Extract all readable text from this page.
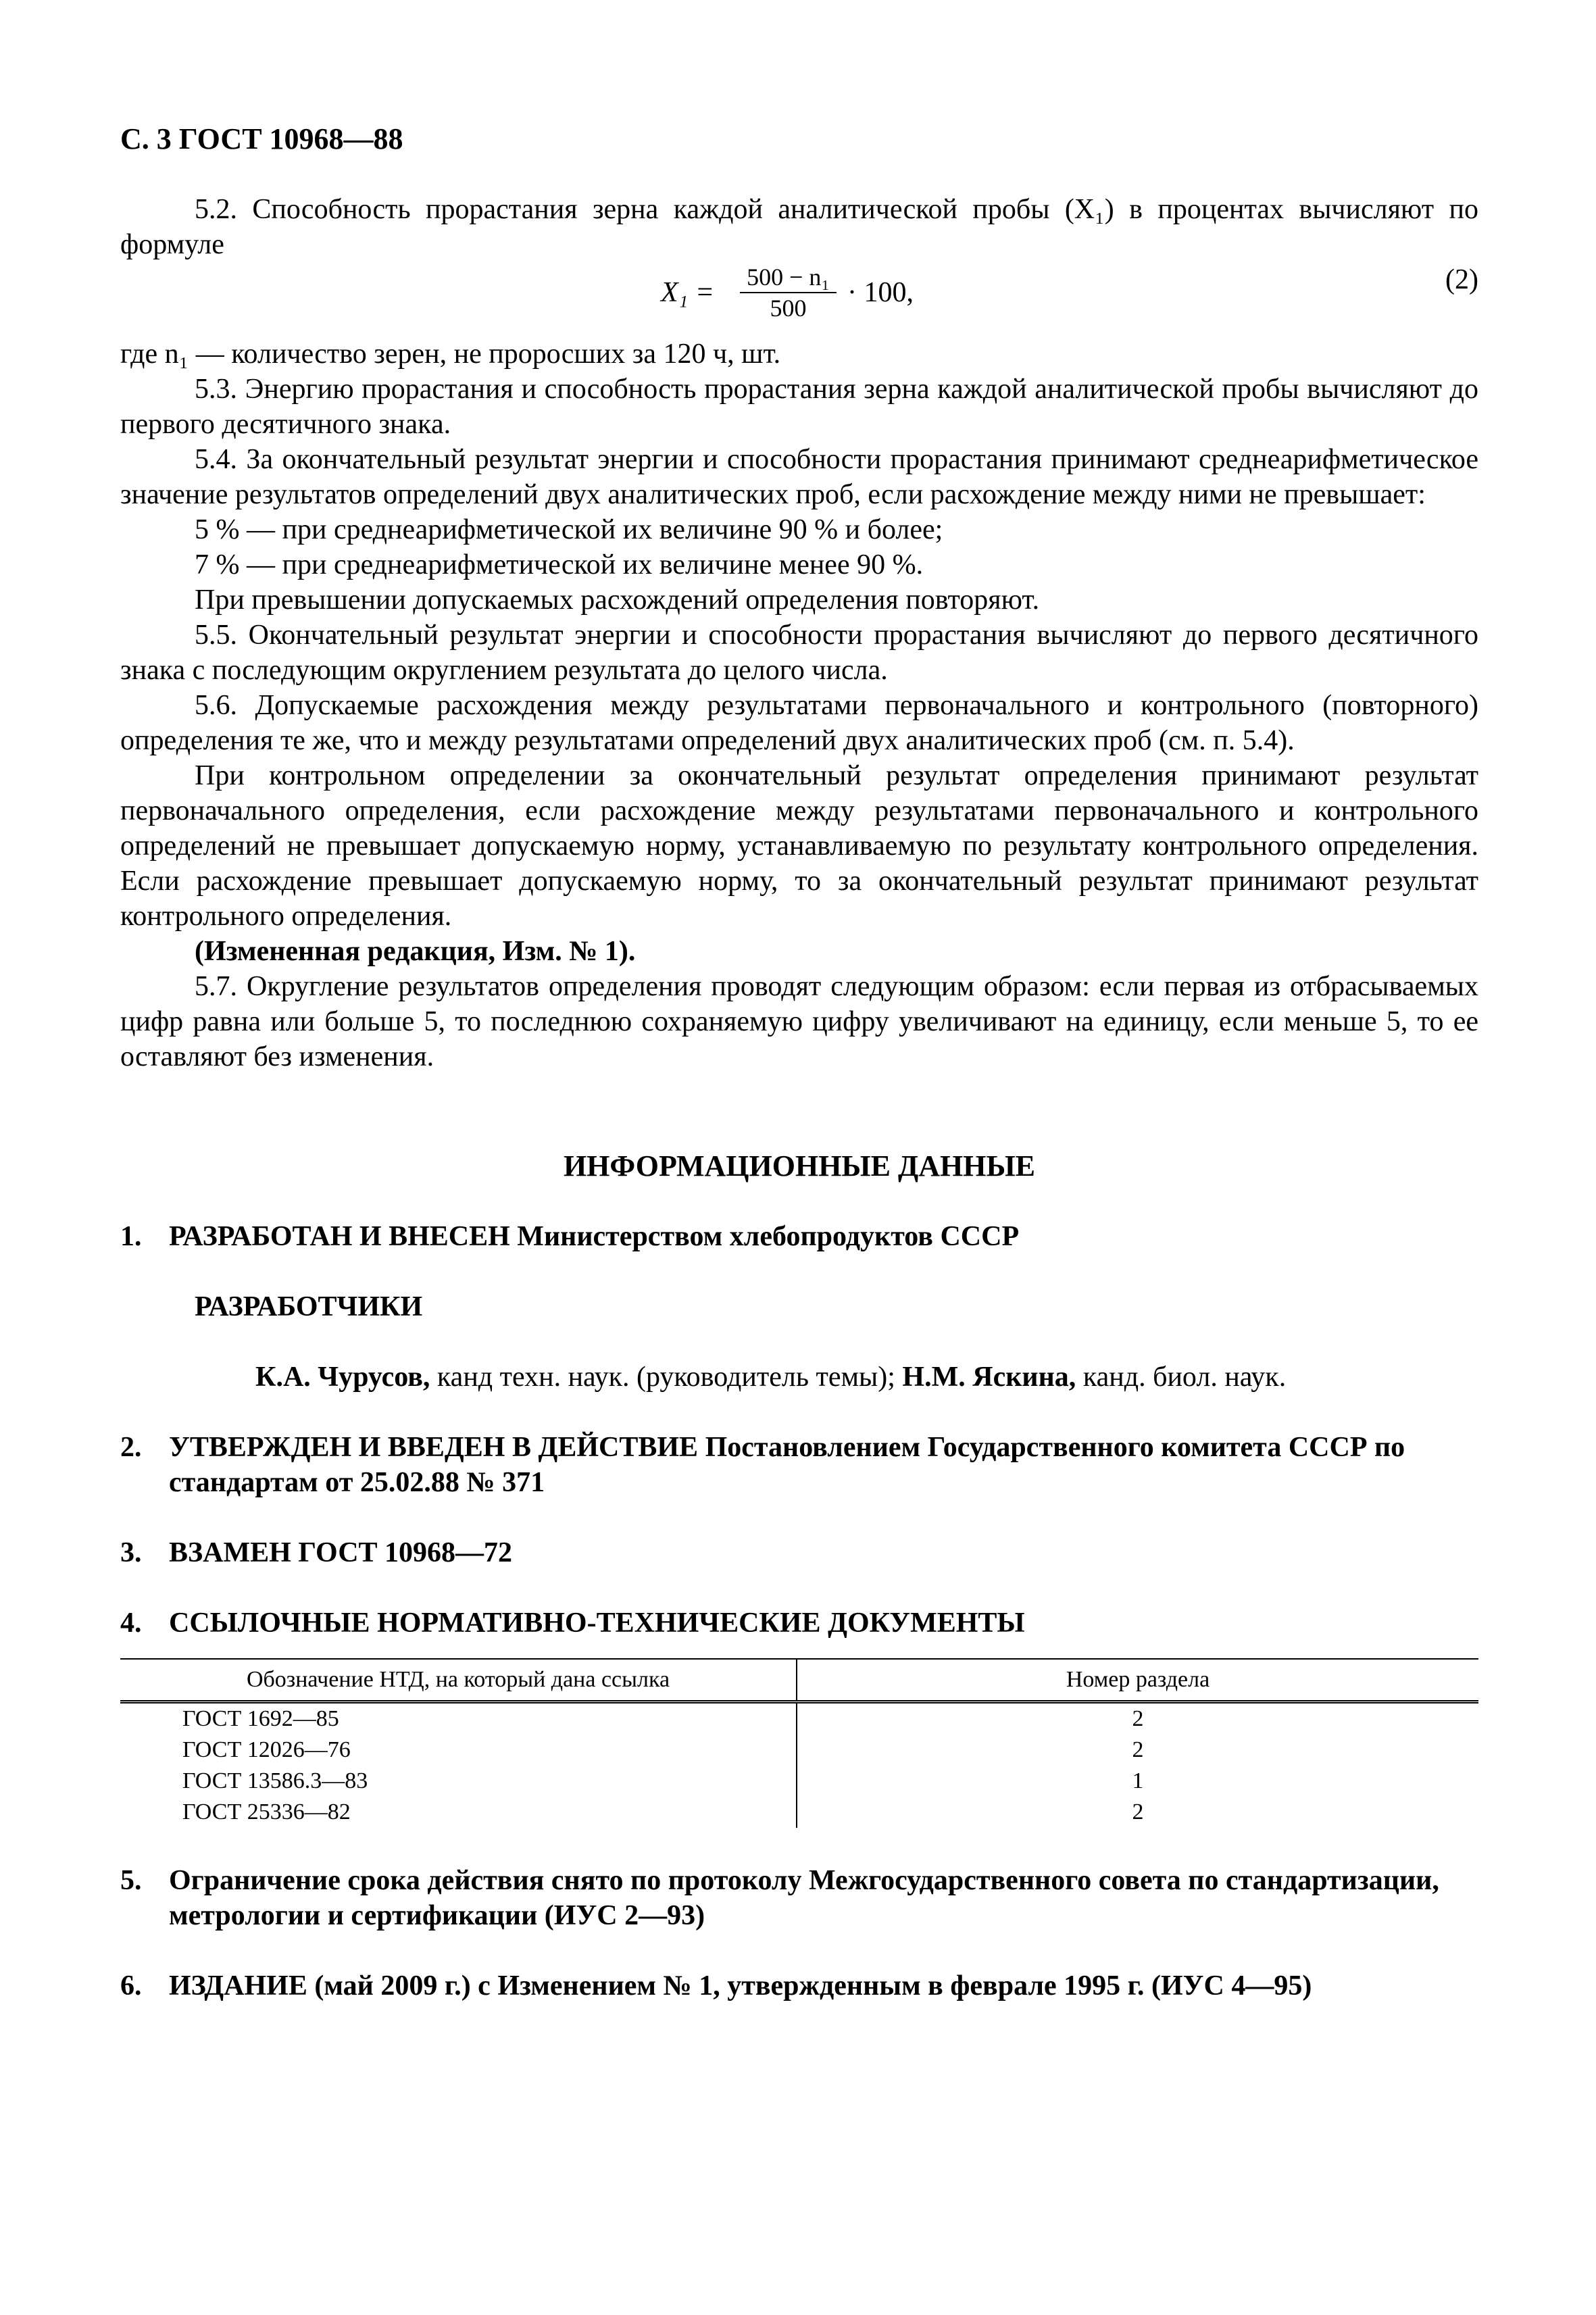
С. 3 ГОСТ 10968—88

5.2. Способность прорастания зерна каждой аналитической пробы (X₁) в процентах вычисляют по формуле

$X_1 = \frac{\text{500 − n₁}}{500} \cdot 100$,	(2)

где n₁ — количество зерен, не проросших за 120 ч, шт.

5.3. Энергию прорастания и способность прорастания зерна каждой аналитической пробы вычисляют до первого десятичного знака.

5.4. За окончательный результат энергии и способности прорастания принимают среднеарифметическое значение результатов определений двух аналитических проб, если расхождение между ними не превышает:

5 % — при среднеарифметической их величине 90 % и более;

7 % — при среднеарифметической их величине менее 90 %.

При превышении допускаемых расхождений определения повторяют.

5.5. Окончательный результат энергии и способности прорастания вычисляют до первого десятичного знака с последующим округлением результата до целого числа.

5.6. Допускаемые расхождения между результатами первоначального и контрольного (повторного) определения те же, что и между результатами определений двух аналитических проб (см. п. 5.4).

При контрольном определении за окончательный результат определения принимают результат первоначального определения, если расхождение между результатами первоначального и контрольного определений не превышает допускаемую норму, устанавливаемую по результату контрольного определения. Если расхождение превышает допускаемую норму, то за окончательный результат принимают результат контрольного определения.

(Измененная редакция, Изм. № 1).

5.7. Округление результатов определения проводят следующим образом: если первая из отбрасываемых цифр равна или больше 5, то последнюю сохраняемую цифру увеличивают на единицу, если меньше 5, то ее оставляют без изменения.

ИНФОРМАЦИОННЫЕ ДАННЫЕ
1. РАЗРАБОТАН И ВНЕСЕН Министерством хлебопродуктов СССР
РАЗРАБОТЧИКИ
К.А. Чурусов, канд техн. наук. (руководитель темы); Н.М. Яскина, канд. биол. наук.
2. УТВЕРЖДЕН И ВВЕДЕН В ДЕЙСТВИЕ Постановлением Государственного комитета СССР по стандартам от 25.02.88 № 371
3. ВЗАМЕН ГОСТ 10968—72
4. ССЫЛОЧНЫЕ НОРМАТИВНО-ТЕХНИЧЕСКИЕ ДОКУМЕНТЫ
Обозначение НТД, на который дана ссылка	Номер раздела
ГОСТ 1692—85	2
ГОСТ 12026—76	2
ГОСТ 13586.3—83	1
ГОСТ 25336—82	2
5. Ограничение срока действия снято по протоколу Межгосударственного совета по стандартизации, метрологии и сертификации (ИУС 2—93)
6. ИЗДАНИЕ (май 2009 г.) с Изменением № 1, утвержденным в феврале 1995 г. (ИУС 4—95)
